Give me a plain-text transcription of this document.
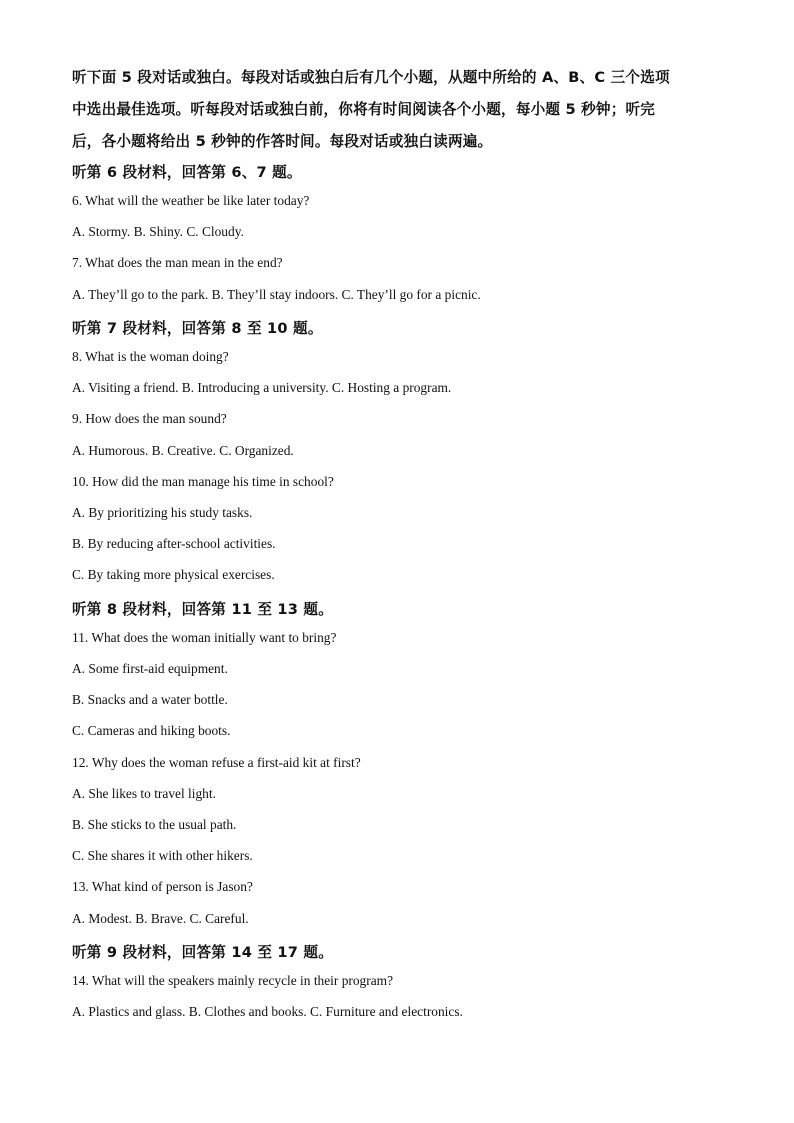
听下面 5 段对话或独白。每段对话或独白后有几个小题，从题中所给的 A、B、C 三个选项
中选出最佳选项。听每段对话或独白前，你将有时间阅读各个小题，每小题 5 秒钟；听完
后，各小题将给出 5 秒钟的作答时间。每段对话或独白读两遍。
听第 6 段材料，回答第 6、7 题。
6. What will the weather be like later today?
A. Stormy. B. Shiny. C. Cloudy.
7. What does the man mean in the end?
A. They’ll go to the park. B. They’ll stay indoors. C. They’ll go for a picnic.
听第 7 段材料，回答第 8 至 10 题。
8. What is the woman doing?
A. Visiting a friend. B. Introducing a university. C. Hosting a program.
9. How does the man sound?
A. Humorous. B. Creative. C. Organized.
10. How did the man manage his time in school?
A. By prioritizing his study tasks.
B. By reducing after-school activities.
C. By taking more physical exercises.
听第 8 段材料，回答第 11 至 13 题。
11. What does the woman initially want to bring?
A. Some first-aid equipment.
B. Snacks and a water bottle.
C. Cameras and hiking boots.
12. Why does the woman refuse a first-aid kit at first?
A. She likes to travel light.
B. She sticks to the usual path.
C. She shares it with other hikers.
13. What kind of person is Jason?
A. Modest. B. Brave. C. Careful.
听第 9 段材料，回答第 14 至 17 题。
14. What will the speakers mainly recycle in their program?
A. Plastics and glass. B. Clothes and books. C. Furniture and electronics.
